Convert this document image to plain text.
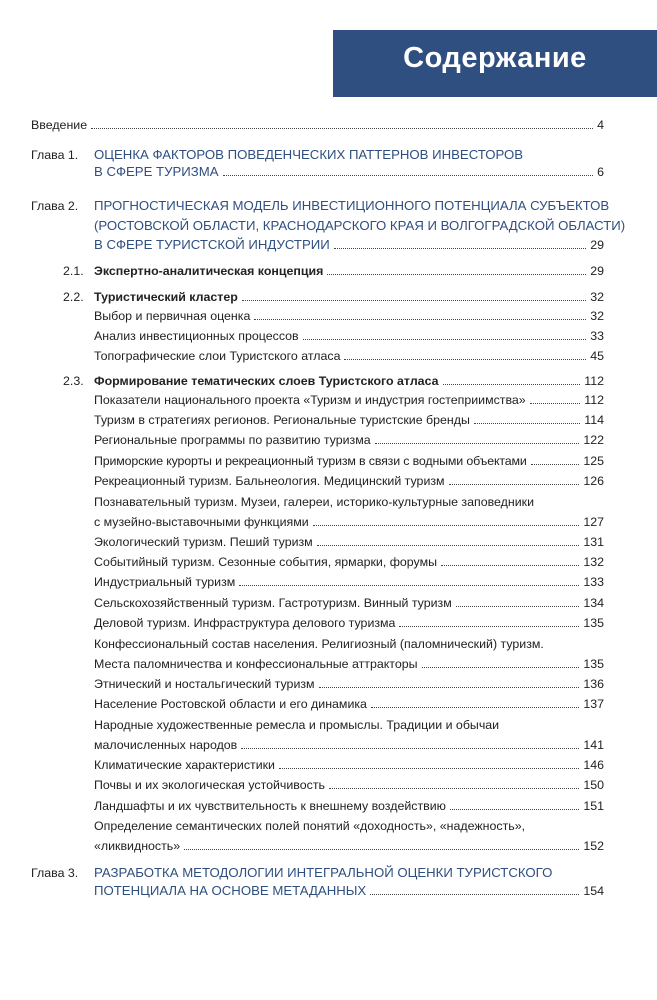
Содержание
Введение	4
Глава 1. ОЦЕНКА ФАКТОРОВ ПОВЕДЕНЧЕСКИХ ПАТТЕРНОВ ИНВЕСТОРОВ
В СФЕРЕ ТУРИЗМА	6
Глава 2. ПРОГНОСТИЧЕСКАЯ МОДЕЛЬ ИНВЕСТИЦИОННОГО ПОТЕНЦИАЛА СУБЪЕКТОВ
(РОСТОВСКОЙ ОБЛАСТИ, КРАСНОДАРСКОГО КРАЯ И ВОЛГОГРАДСКОЙ ОБЛАСТИ)
В СФЕРЕ ТУРИСТСКОЙ ИНДУСТРИИ	29
2.1. Экспертно-аналитическая концепция	29
2.2. Туристический кластер	32
Выбор и первичная оценка	32
Анализ инвестиционных процессов	33
Топографические слои Туристского атласа	45
2.3. Формирование тематических слоев Туристского атласа	112
Показатели национального проекта «Туризм и индустрия гостеприимства»	112
Туризм в стратегиях регионов. Региональные туристские бренды	114
Региональные программы по развитию туризма	122
Приморские курорты и рекреационный туризм в связи с водными объектами	125
Рекреационный туризм. Бальнеология. Медицинский туризм	126
Познавательный туризм. Музеи, галереи, историко-культурные заповедники
с музейно-выставочными функциями	127
Экологический туризм. Пеший туризм	131
Событийный туризм. Сезонные события, ярмарки, форумы	132
Индустриальный туризм	133
Сельскохозяйственный туризм. Гастротуризм. Винный туризм	134
Деловой туризм. Инфраструктура делового туризма	135
Конфессиональный состав населения. Религиозный (паломнический) туризм.
Места паломничества и конфессиональные аттракторы	135
Этнический и ностальгический туризм	136
Население Ростовской области и его динамика	137
Народные художественные ремесла и промыслы. Традиции и обычаи
малочисленных народов	141
Климатические характеристики	146
Почвы и их экологическая устойчивость	150
Ландшафты и их чувствительность к внешнему воздействию	151
Определение семантических полей понятий «доходность», «надежность»,
«ликвидность»	152
Глава 3. РАЗРАБОТКА МЕТОДОЛОГИИ ИНТЕГРАЛЬНОЙ ОЦЕНКИ ТУРИСТСКОГО
ПОТЕНЦИАЛА НА ОСНОВЕ МЕТАДАННЫХ	154
